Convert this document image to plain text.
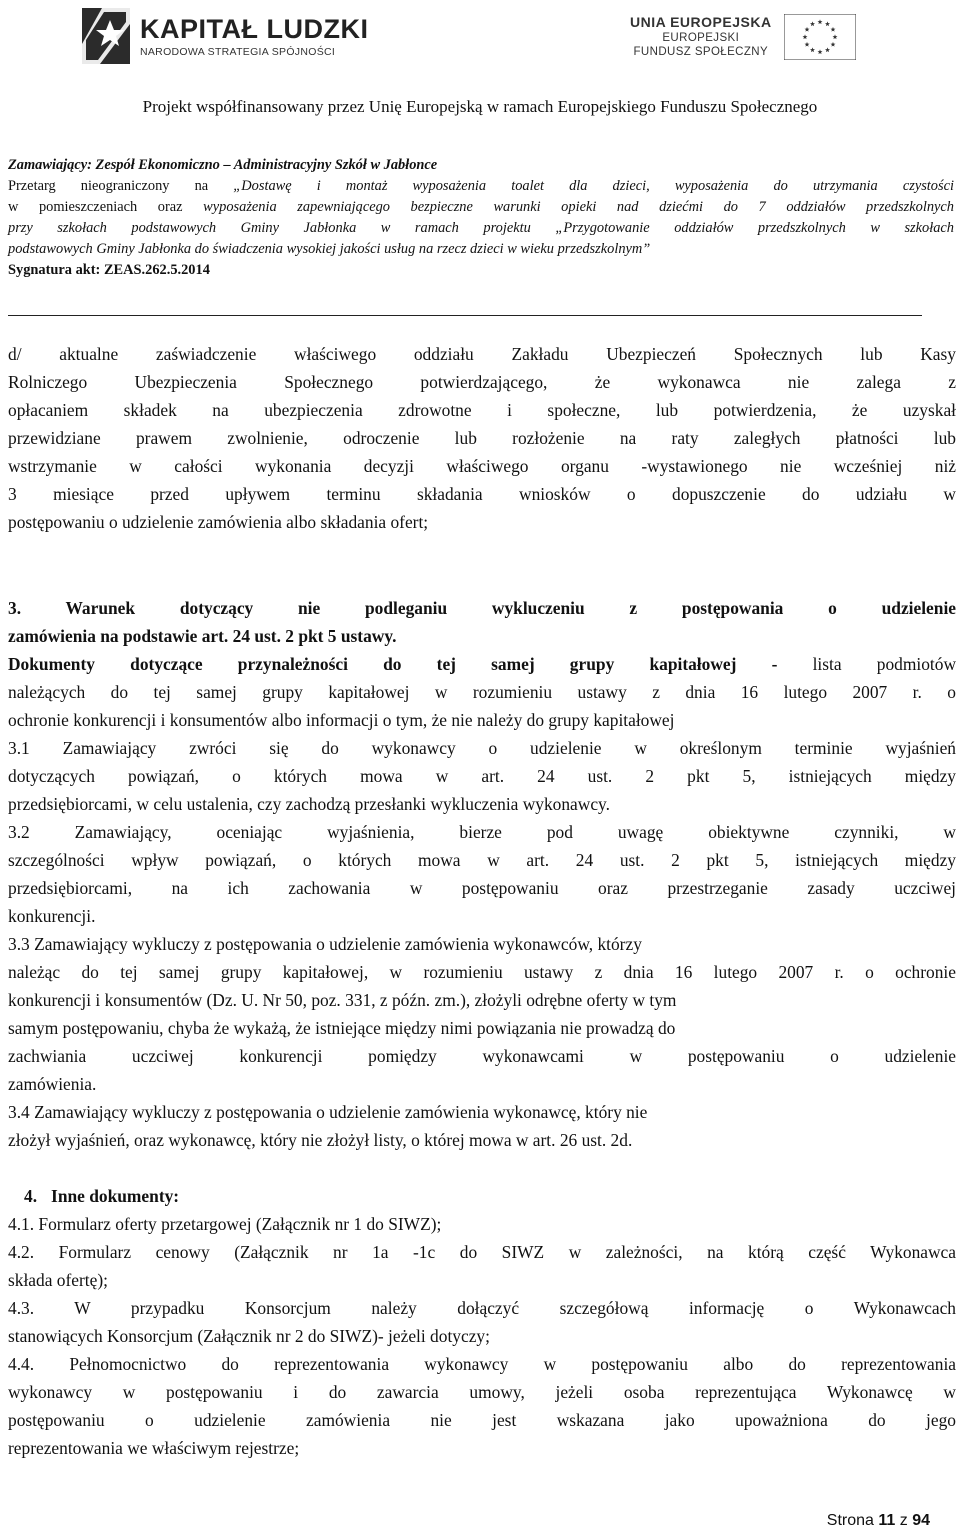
KAPITAŁ LUDZKI
NARODOWA STRATEGIA SPÓJNOŚCI
UNIA EUROPEJSKA
EUROPEJSKI
FUNDUSZ SPOŁECZNY
Projekt współfinansowany przez Unię Europejską w ramach Europejskiego Funduszu Społecznego
Zamawiający: Zespół Ekonomiczno – Administracyjny Szkół w Jabłonce
Przetarg nieograniczony na „Dostawę i montaż wyposażenia toalet dla dzieci, wyposażenia do utrzymania czystości
w pomieszczeniach oraz wyposażenia zapewniającego bezpieczne warunki opieki nad dziećmi do 7 oddziałów przedszkolnych
przy szkołach podstawowych Gminy Jabłonka w ramach projektu „Przygotowanie oddziałów przedszkolnych w szkołach
podstawowych Gminy Jabłonka do świadczenia wysokiej jakości usług na rzecz dzieci w wieku przedszkolnym”
Sygnatura akt: ZEAS.262.5.2014
d/ aktualne zaświadczenie właściwego oddziału Zakładu Ubezpieczeń Społecznych lub Kasy
Rolniczego Ubezpieczenia Społecznego potwierdzającego, że wykonawca nie zalega z
opłacaniem składek na ubezpieczenia zdrowotne i społeczne, lub potwierdzenia, że uzyskał
przewidziane prawem zwolnienie, odroczenie lub rozłożenie na raty zaległych płatności lub
wstrzymanie w całości wykonania decyzji właściwego organu -wystawionego nie wcześniej niż
3 miesiące przed upływem terminu składania wniosków o dopuszczenie do udziału w
postępowaniu o udzielenie zamówienia albo składania ofert;
3. Warunek dotyczący nie podleganiu wykluczeniu z postępowania o udzielenie
zamówienia na podstawie art. 24 ust. 2 pkt 5 ustawy.
Dokumenty dotyczące przynależności do tej samej grupy kapitałowej - lista podmiotów
należących do tej samej grupy kapitałowej w rozumieniu ustawy z dnia 16 lutego 2007 r. o
ochronie konkurencji i konsumentów albo informacji o tym, że nie należy do grupy kapitałowej
3.1 Zamawiający zwróci się do wykonawcy o udzielenie w określonym terminie wyjaśnień
dotyczących powiązań, o których mowa w art. 24 ust. 2 pkt 5, istniejących między
przedsiębiorcami, w celu ustalenia, czy zachodzą przesłanki wykluczenia wykonawcy.
3.2 Zamawiający, oceniając wyjaśnienia, bierze pod uwagę obiektywne czynniki, w
szczególności wpływ powiązań, o których mowa w art. 24 ust. 2 pkt 5, istniejących między
przedsiębiorcami, na ich zachowania w postępowaniu oraz przestrzeganie zasady uczciwej
konkurencji.
3.3 Zamawiający wykluczy z postępowania o udzielenie zamówienia wykonawców, którzy
należąc do tej samej grupy kapitałowej, w rozumieniu ustawy z dnia 16 lutego 2007 r. o ochronie
konkurencji i konsumentów (Dz. U. Nr 50, poz. 331, z późn. zm.), złożyli odrębne oferty w tym
samym postępowaniu, chyba że wykażą, że istniejące między nimi powiązania nie prowadzą do
zachwiania uczciwej konkurencji pomiędzy wykonawcami w postępowaniu o udzielenie
zamówienia.
3.4 Zamawiający wykluczy z postępowania o udzielenie zamówienia wykonawcę, który nie
złożył wyjaśnień, oraz wykonawcę, który nie złożył listy, o której mowa w art. 26 ust. 2d.
4. Inne dokumenty:
4.1. Formularz oferty przetargowej (Załącznik nr 1 do SIWZ);
4.2. Formularz cenowy (Załącznik nr 1a -1c do SIWZ w zależności, na którą część Wykonawca
składa ofertę);
4.3. W przypadku Konsorcjum należy dołączyć szczegółową informację o Wykonawcach
stanowiących Konsorcjum (Załącznik nr 2 do SIWZ)- jeżeli dotyczy;
4.4. Pełnomocnictwo do reprezentowania wykonawcy w postępowaniu albo do reprezentowania
wykonawcy w postępowaniu i do zawarcia umowy, jeżeli osoba reprezentująca Wykonawcę w
postępowaniu o udzielenie zamówienia nie jest wskazana jako upoważniona do jego
reprezentowania we właściwym rejestrze;
Strona 11 z 94
